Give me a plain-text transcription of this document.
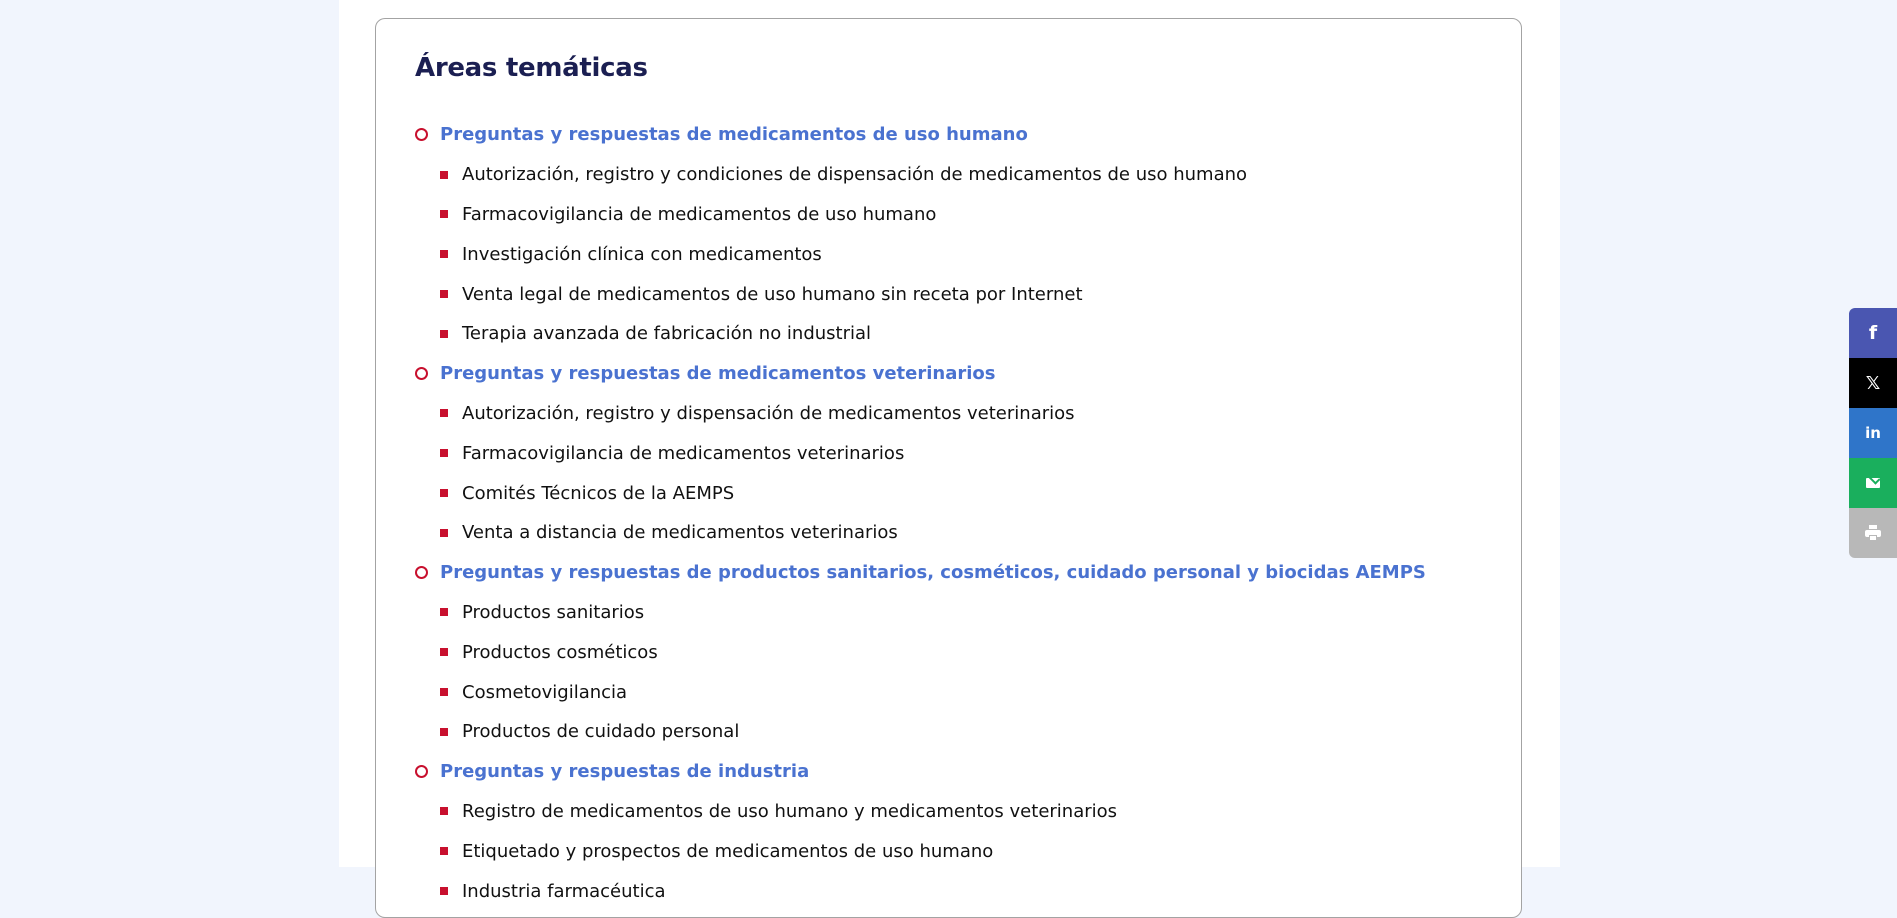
Áreas temáticas
Preguntas y respuestas de medicamentos de uso humano
Autorización, registro y condiciones de dispensación de medicamentos de uso humano
Farmacovigilancia de medicamentos de uso humano
Investigación clínica con medicamentos
Venta legal de medicamentos de uso humano sin receta por Internet
Terapia avanzada de fabricación no industrial
Preguntas y respuestas de medicamentos veterinarios
Autorización, registro y dispensación de medicamentos veterinarios
Farmacovigilancia de medicamentos veterinarios
Comités Técnicos de la AEMPS
Venta a distancia de medicamentos veterinarios
Preguntas y respuestas de productos sanitarios, cosméticos, cuidado personal y biocidas AEMPS
Productos sanitarios
Productos cosméticos
Cosmetovigilancia
Productos de cuidado personal
Preguntas y respuestas de industria
Registro de medicamentos de uso humano y medicamentos veterinarios
Etiquetado y prospectos de medicamentos de uso humano
Industria farmacéutica
f
𝕏
in
